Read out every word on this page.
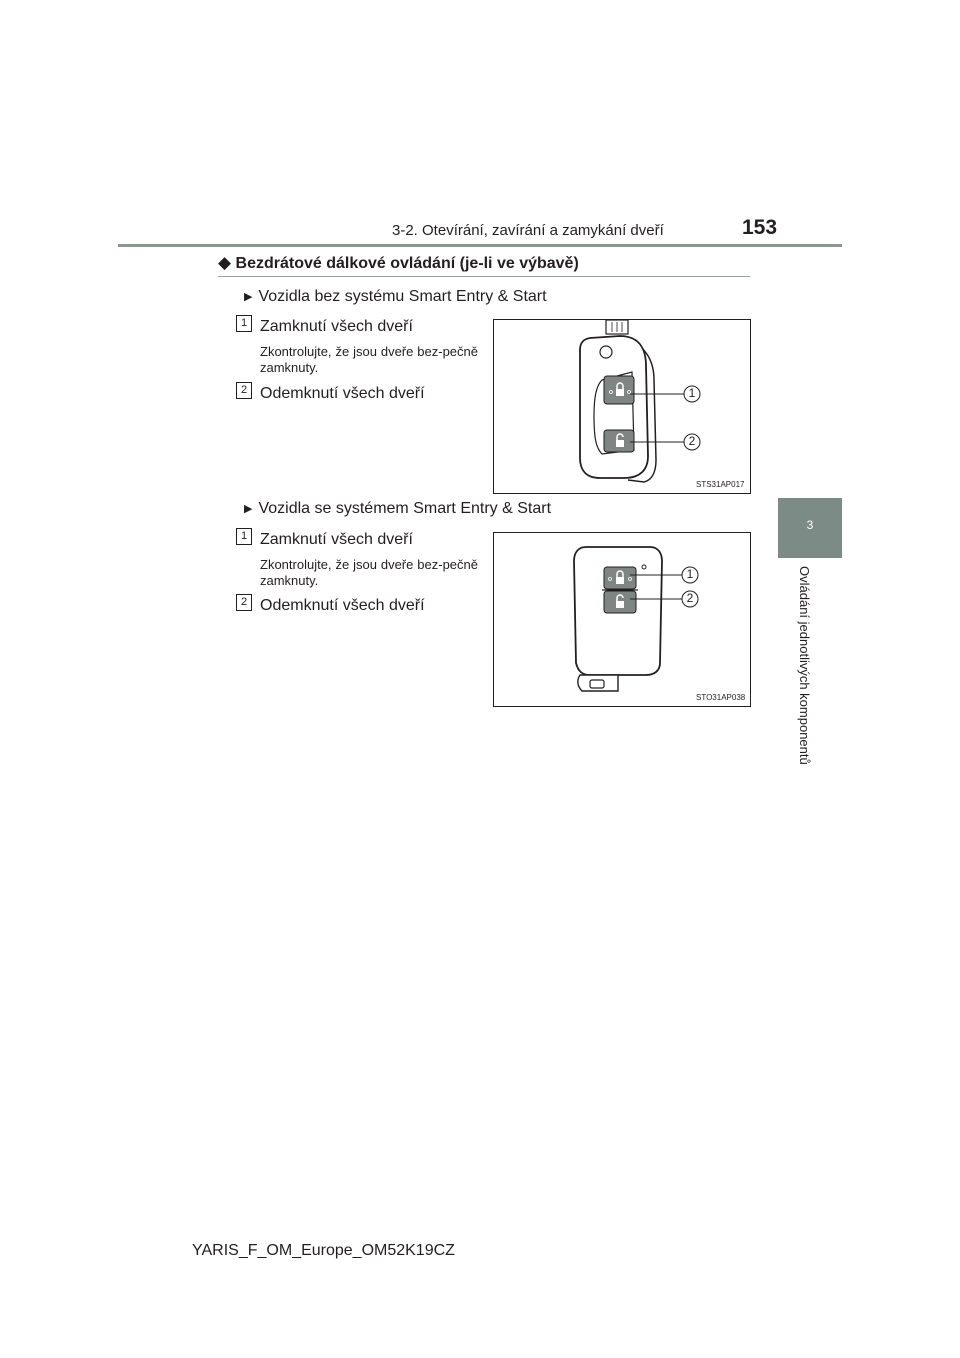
3-2. Otevírání, zavírání a zamykání dveří	153
3
Ovládání jednotlivých komponentů
◆ Bezdrátové dálkové ovládání (je-li ve výbavě)
▶ Vozidla bez systému Smart Entry & Start
1 Zamknutí všech dveří
Zkontrolujte, že jsou dveře bez-pečně zamknuty.
2 Odemknutí všech dveří	1
2
STS31AP017
▶ Vozidla se systémem Smart Entry & Start
1 Zamknutí všech dveří
Zkontrolujte, že jsou dveře bez-pečně zamknuty.
2 Odemknutí všech dveří
1
2
STO31AP038
YARIS_F_OM_Europe_OM52K19CZ
